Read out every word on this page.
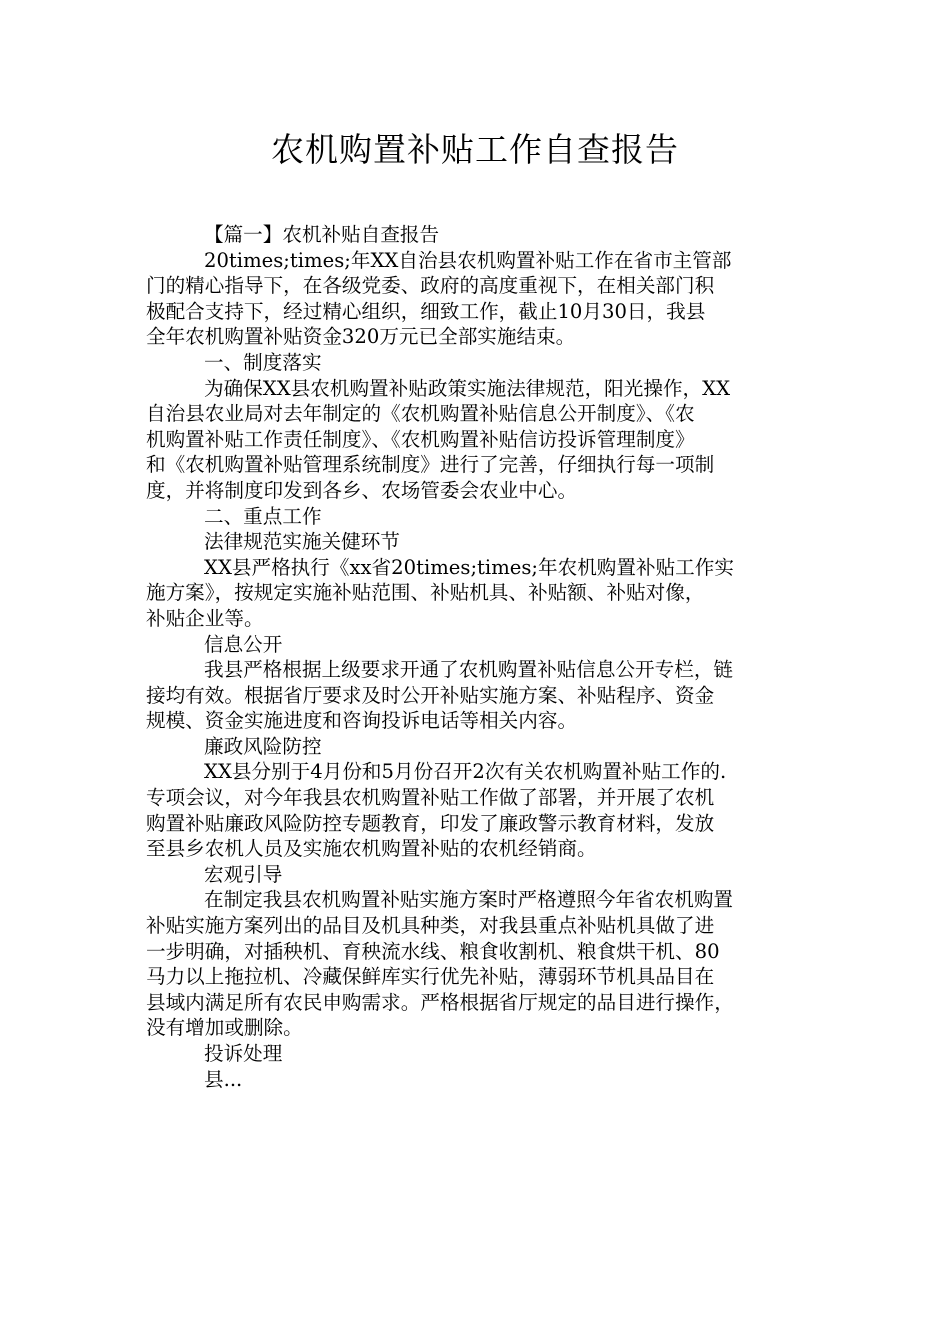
农机购置补贴工作自查报告
【篇一】农机补贴自查报告
20times;times;年XX自治县农机购置补贴工作在省市主管部
门的精心指导下，在各级党委、政府的高度重视下，在相关部门积
极配合支持下，经过精心组织，细致工作，截止10月30日，我县
全年农机购置补贴资金320万元已全部实施结束。
一、制度落实
为确保XX县农机购置补贴政策实施法律规范，阳光操作，XX
自治县农业局对去年制定的《农机购置补贴信息公开制度》、《农
机购置补贴工作责任制度》、《农机购置补贴信访投诉管理制度》
和《农机购置补贴管理系统制度》进行了完善，仔细执行每一项制
度，并将制度印发到各乡、农场管委会农业中心。
二、重点工作
法律规范实施关健环节
XX县严格执行《xx省20times;times;年农机购置补贴工作实
施方案》，按规定实施补贴范围、补贴机具、补贴额、补贴对像，
补贴企业等。
信息公开
我县严格根据上级要求开通了农机购置补贴信息公开专栏，链
接均有效。根据省厅要求及时公开补贴实施方案、补贴程序、资金
规模、资金实施进度和咨询投诉电话等相关内容。
廉政风险防控
XX县分别于4月份和5月份召开2次有关农机购置补贴工作的.
专项会议，对今年我县农机购置补贴工作做了部署，并开展了农机
购置补贴廉政风险防控专题教育，印发了廉政警示教育材料，发放
至县乡农机人员及实施农机购置补贴的农机经销商。
宏观引导
在制定我县农机购置补贴实施方案时严格遵照今年省农机购置
补贴实施方案列出的品目及机具种类，对我县重点补贴机具做了进
一步明确，对插秧机、育秧流水线、粮食收割机、粮食烘干机、80
马力以上拖拉机、冷藏保鲜库实行优先补贴，薄弱环节机具品目在
县域内满足所有农民申购需求。严格根据省厅规定的品目进行操作，
没有增加或删除。
投诉处理
县...
